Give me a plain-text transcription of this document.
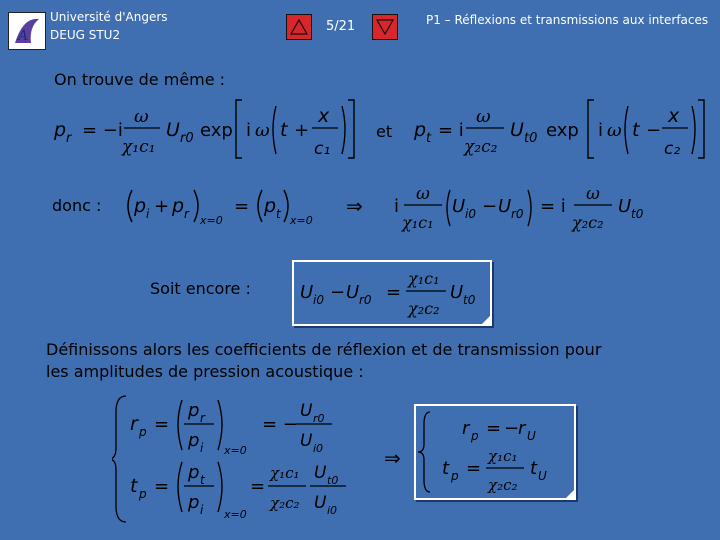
A
Université d'Angers
DEUG STU2
5/21	P1 – Réflexions et transmissions aux interfaces
On trouve de même :
p r = −i
ω
χ₁c₁
U r0 exp i ω t +
x
c₁
et p t = i
ω
χ₂c₂
U t0 exp i ω t −
x
c₂
donc : p i + p r x=0
= p t x=0
⇒ i
ω
χ₁c₁
U i0 − U r0 = i
ω
χ₂c₂
U t0
Soit encore :	U i0 − U r0 =
χ₁c₁
χ₂c₂
U t0
Définissons alors les coefficients de réflexion et de transmission pour
les amplitudes de pression acoustique :
r p =
p r
p i x=0
= −
U r0
U i0
t p =
p t
p i x=0
=
χ₁c₁
χ₂c₂
U t0
U i0
⇒
r p = −
r U
t p =
χ₁c₁
χ₂c₂
t U
